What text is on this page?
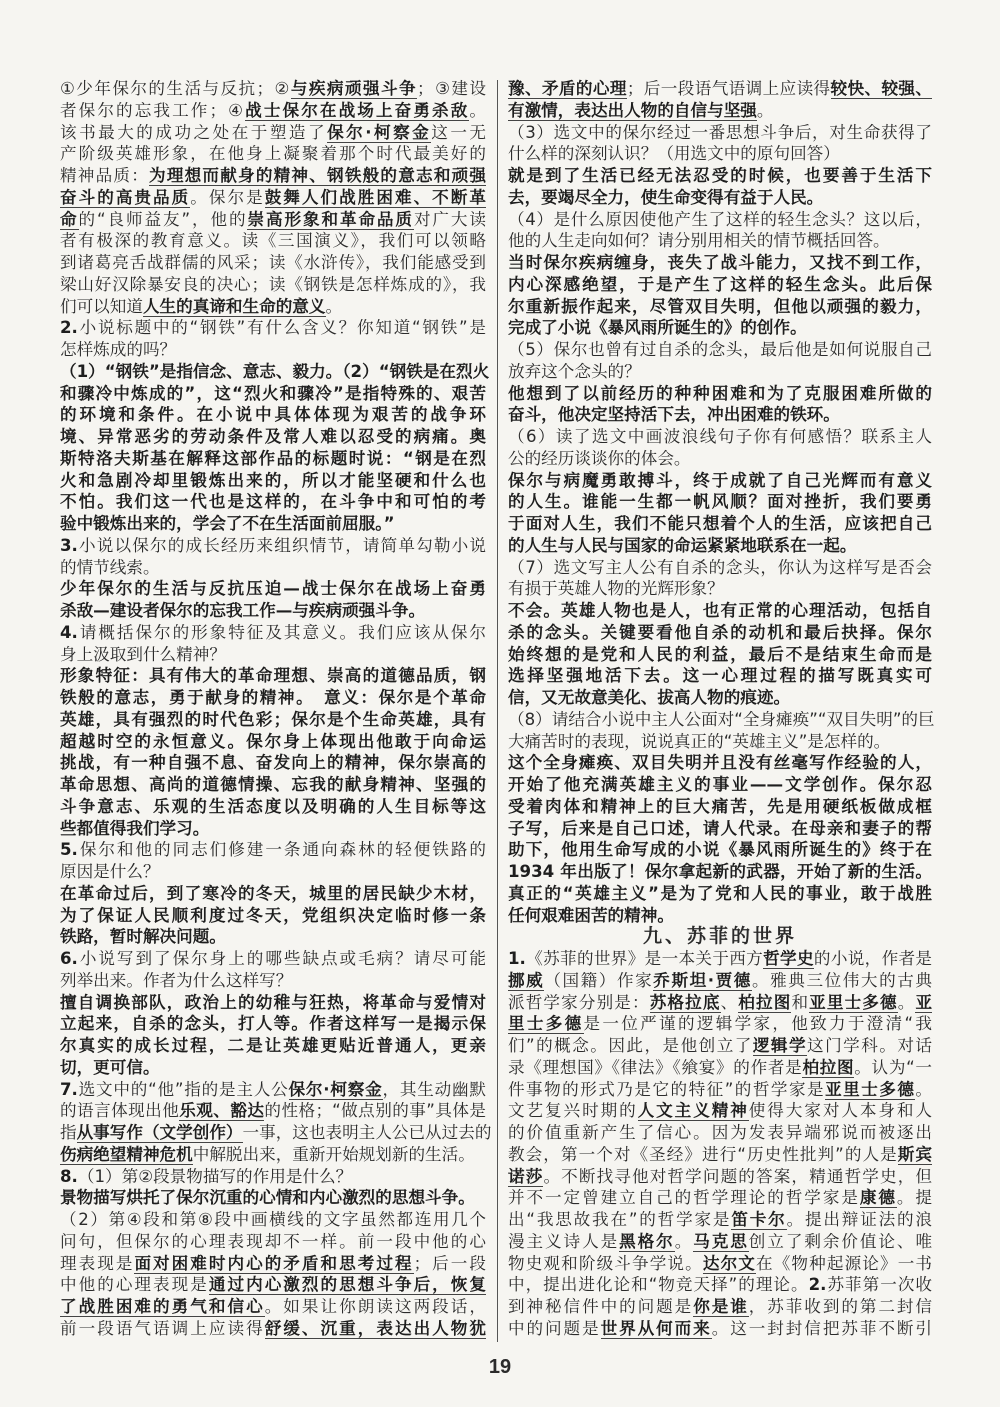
①少年保尔的生活与反抗；②与疾病顽强斗争；③建设
者保尔的忘我工作；④战士保尔在战场上奋勇杀敌。
该书最大的成功之处在于塑造了保尔·柯察金这一无
产阶级英雄形象，在他身上凝聚着那个时代最美好的
精神品质：为理想而献身的精神、钢铁般的意志和顽强
奋斗的高贵品质。保尔是鼓舞人们战胜困难、不断革
命的“良师益友”，他的崇高形象和革命品质对广大读
者有极深的教育意义。读《三国演义》，我们可以领略
到诸葛亮舌战群儒的风采；读《水浒传》，我们能感受到
梁山好汉除暴安良的决心；读《钢铁是怎样炼成的》，我
们可以知道人生的真谛和生命的意义。
2.小说标题中的“钢铁”有什么含义？你知道“钢铁”是
怎样炼成的吗？
（1）“钢铁”是指信念、意志、毅力。（2）“钢铁是在烈火
和骤冷中炼成的”，这“烈火和骤冷”是指特殊的、艰苦
的环境和条件。在小说中具体体现为艰苦的战争环
境、异常恶劣的劳动条件及常人难以忍受的病痛。奥
斯特洛夫斯基在解释这部作品的标题时说：“钢是在烈
火和急剧冷却里锻炼出来的，所以才能坚硬和什么也
不怕。我们这一代也是这样的，在斗争中和可怕的考
验中锻炼出来的，学会了不在生活面前屈服。”
3.小说以保尔的成长经历来组织情节，请简单勾勒小说
的情节线索。
少年保尔的生活与反抗压迫—战士保尔在战场上奋勇
杀敌—建设者保尔的忘我工作—与疾病顽强斗争。
4.请概括保尔的形象特征及其意义。我们应该从保尔
身上汲取到什么精神？
形象特征：具有伟大的革命理想、崇高的道德品质，钢
铁般的意志，勇于献身的精神。　意义：保尔是个革命
英雄，具有强烈的时代色彩；保尔是个生命英雄，具有
超越时空的永恒意义。保尔身上体现出他敢于向命运
挑战，有一种自强不息、奋发向上的精神，保尔崇高的
革命思想、高尚的道德情操、忘我的献身精神、坚强的
斗争意志、乐观的生活态度以及明确的人生目标等这
些都值得我们学习。
5.保尔和他的同志们修建一条通向森林的轻便铁路的
原因是什么？
在革命过后，到了寒冷的冬天，城里的居民缺少木材，
为了保证人民顺利度过冬天，党组织决定临时修一条
铁路，暂时解决问题。
6.小说写到了保尔身上的哪些缺点或毛病？请尽可能
列举出来。作者为什么这样写？
擅自调换部队，政治上的幼稚与狂热，将革命与爱情对
立起来，自杀的念头，打人等。作者这样写一是揭示保
尔真实的成长过程，二是让英雄更贴近普通人，更亲
切，更可信。
7.选文中的“他”指的是主人公保尔·柯察金，其生动幽默
的语言体现出他乐观、豁达的性格；“做点别的事”具体是
指从事写作（文学创作）一事，这也表明主人公已从过去的
伤病绝望精神危机中解脱出来，重新开始规划新的生活。
8.（1）第②段景物描写的作用是什么？
景物描写烘托了保尔沉重的心情和内心激烈的思想斗争。
（2）第④段和第⑧段中画横线的文字虽然都连用几个
问句，但保尔的心理表现却不一样。前一段中他的心
理表现是面对困难时内心的矛盾和思考过程；后一段
中他的心理表现是通过内心激烈的思想斗争后，恢复
了战胜困难的勇气和信心。如果让你朗读这两段话，
前一段语气语调上应读得舒缓、沉重，表达出人物犹
豫、矛盾的心理；后一段语气语调上应读得较快、较强、
有激情，表达出人物的自信与坚强。
（3）选文中的保尔经过一番思想斗争后，对生命获得了
什么样的深刻认识？（用选文中的原句回答）
就是到了生活已经无法忍受的时候，也要善于生活下
去，要竭尽全力，使生命变得有益于人民。
（4）是什么原因使他产生了这样的轻生念头？这以后，
他的人生走向如何？请分别用相关的情节概括回答。
当时保尔疾病缠身，丧失了战斗能力，又找不到工作，
内心深感绝望，于是产生了这样的轻生念头。此后保
尔重新振作起来，尽管双目失明，但他以顽强的毅力，
完成了小说《暴风雨所诞生的》的创作。
（5）保尔也曾有过自杀的念头，最后他是如何说服自己
放弃这个念头的？
他想到了以前经历的种种困难和为了克服困难所做的
奋斗，他决定坚持活下去，冲出困难的铁环。
（6）读了选文中画波浪线句子你有何感悟？联系主人
公的经历谈谈你的体会。
保尔与病魔勇敢搏斗，终于成就了自己光辉而有意义
的人生。谁能一生都一帆风顺？面对挫折，我们要勇
于面对人生，我们不能只想着个人的生活，应该把自己
的人生与人民与国家的命运紧紧地联系在一起。
（7）选文写主人公有自杀的念头，你认为这样写是否会
有损于英雄人物的光辉形象？
不会。英雄人物也是人，也有正常的心理活动，包括自
杀的念头。关键要看他自杀的动机和最后抉择。保尔
始终想的是党和人民的利益，最后不是结束生命而是
选择坚强地活下去。这一心理过程的描写既真实可
信，又无故意美化、拔高人物的痕迹。
（8）请结合小说中主人公面对“全身瘫痪”“双目失明”的巨
大痛苦时的表现，说说真正的“英雄主义”是怎样的。
这个全身瘫痪、双目失明并且没有丝毫写作经验的人，
开始了他充满英雄主义的事业——文学创作。保尔忍
受着肉体和精神上的巨大痛苦，先是用硬纸板做成框
子写，后来是自己口述，请人代录。在母亲和妻子的帮
助下，他用生命写成的小说《暴风雨所诞生的》终于在
1934 年出版了！保尔拿起新的武器，开始了新的生活。
真正的“英雄主义”是为了党和人民的事业，敢于战胜
任何艰难困苦的精神。
九、苏菲的世界
1.《苏菲的世界》是一本关于西方哲学史的小说，作者是
挪威（国籍）作家乔斯坦·贾德。雅典三位伟大的古典
派哲学家分别是：苏格拉底、柏拉图和亚里士多德。亚
里士多德是一位严谨的逻辑学家，他致力于澄清“我
们”的概念。因此，是他创立了逻辑学这门学科。对话
录《理想国》《律法》《飨宴》的作者是柏拉图。认为“一
件事物的形式乃是它的特征”的哲学家是亚里士多德。
文艺复兴时期的人文主义精神使得大家对人本身和人
的价值重新产生了信心。因为发表异端邪说而被逐出
教会，第一个对《圣经》进行“历史性批判”的人是斯宾
诺莎。不断找寻他对哲学问题的答案，精通哲学史，但
并不一定曾建立自己的哲学理论的哲学家是康德。提
出“我思故我在”的哲学家是笛卡尔。提出辩证法的浪
漫主义诗人是黑格尔。马克思创立了剩余价值论、唯
物史观和阶级斗争学说。达尔文在《物种起源论》一书
中，提出进化论和“物竞天择”的理论。2.苏菲第一次收
到神秘信件中的问题是你是谁，苏菲收到的第二封信
中的问题是世界从何而来。这一封封信把苏菲不断引
19
